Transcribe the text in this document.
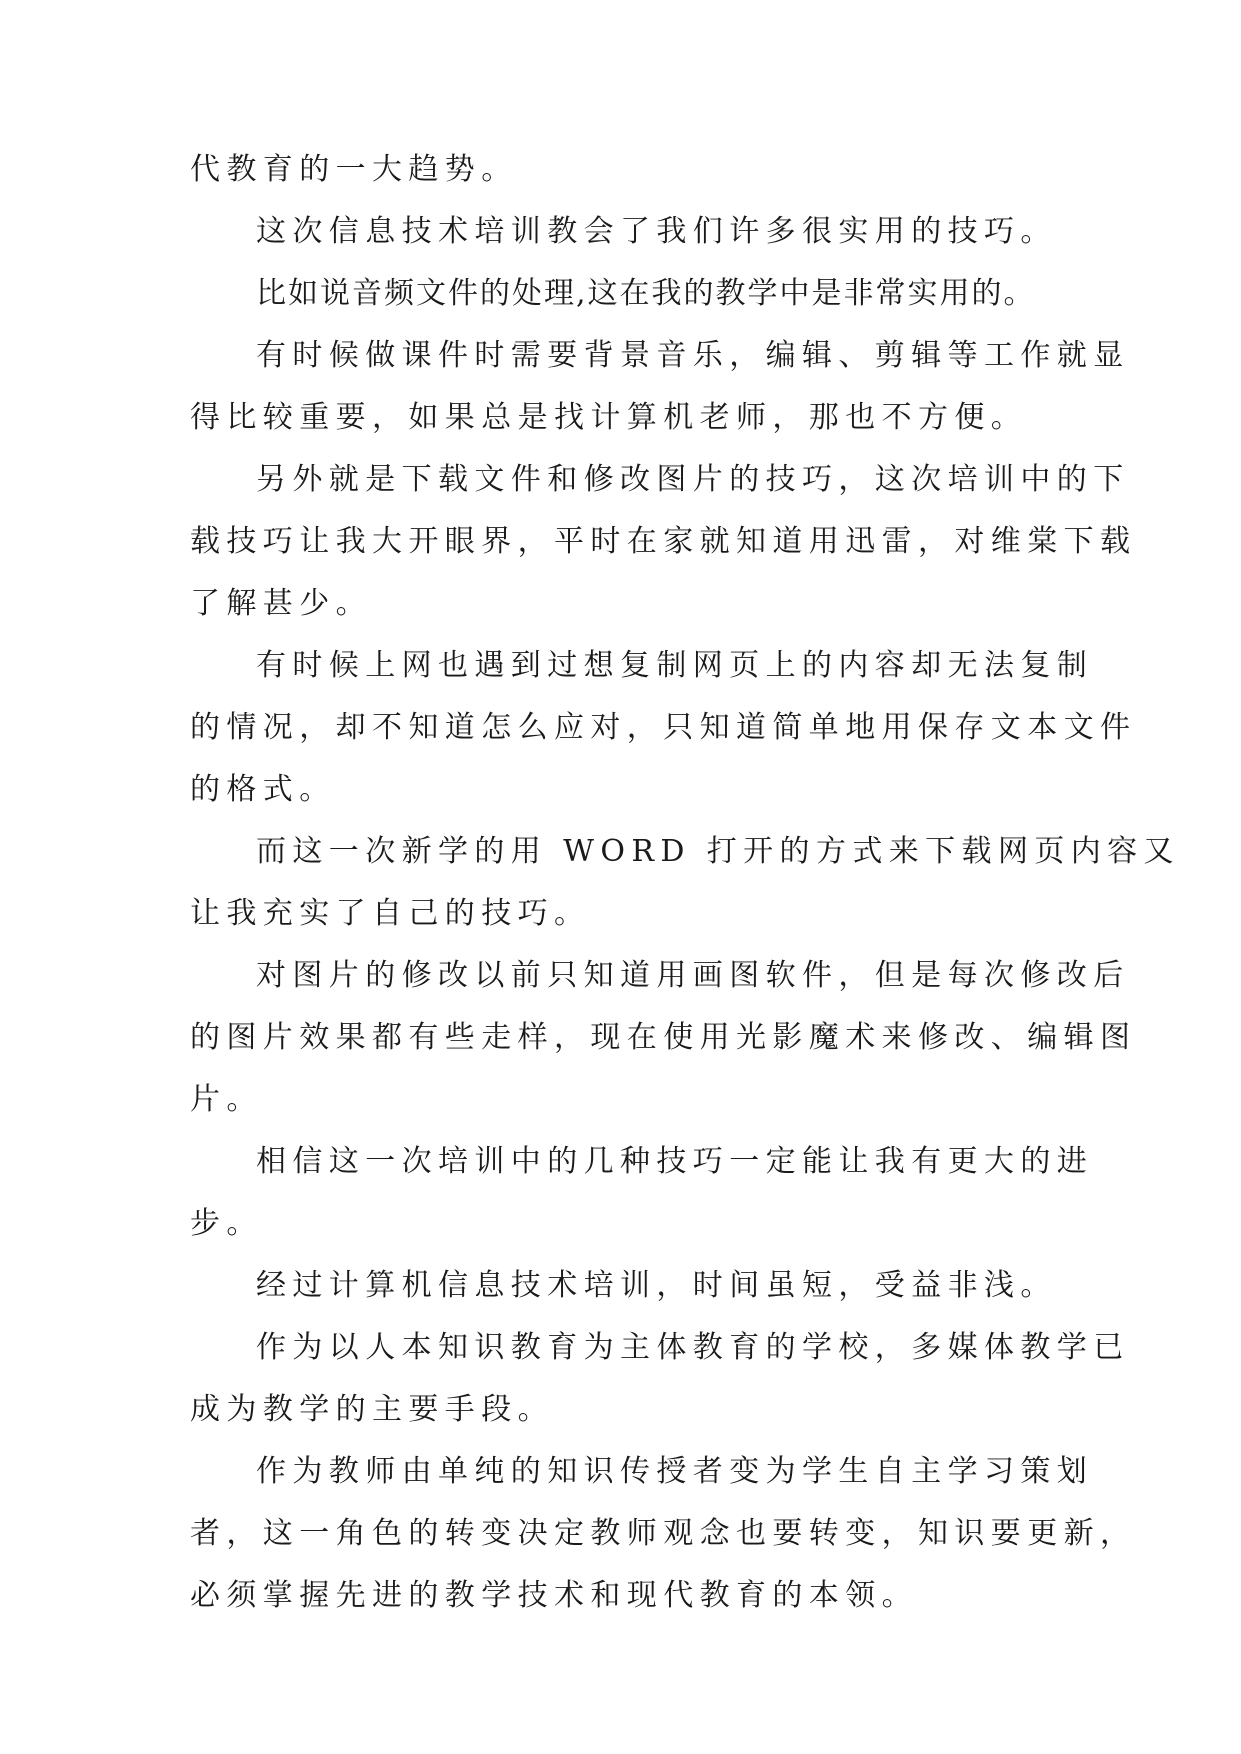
代教育的一大趋势。
这次信息技术培训教会了我们许多很实用的技巧。
比如说音频文件的处理,这在我的教学中是非常实用的。
有时候做课件时需要背景音乐，编辑、剪辑等工作就显
得比较重要，如果总是找计算机老师，那也不方便。
另外就是下载文件和修改图片的技巧，这次培训中的下
载技巧让我大开眼界，平时在家就知道用迅雷，对维棠下载
了解甚少。
有时候上网也遇到过想复制网页上的内容却无法复制
的情况，却不知道怎么应对，只知道简单地用保存文本文件
的格式。
而这一次新学的用 WORD 打开的方式来下载网页内容又
让我充实了自己的技巧。
对图片的修改以前只知道用画图软件，但是每次修改后
的图片效果都有些走样，现在使用光影魔术来修改、编辑图
片。
相信这一次培训中的几种技巧一定能让我有更大的进
步。
经过计算机信息技术培训，时间虽短，受益非浅。
作为以人本知识教育为主体教育的学校，多媒体教学已
成为教学的主要手段。
作为教师由单纯的知识传授者变为学生自主学习策划
者，这一角色的转变决定教师观念也要转变，知识要更新，
必须掌握先进的教学技术和现代教育的本领。
